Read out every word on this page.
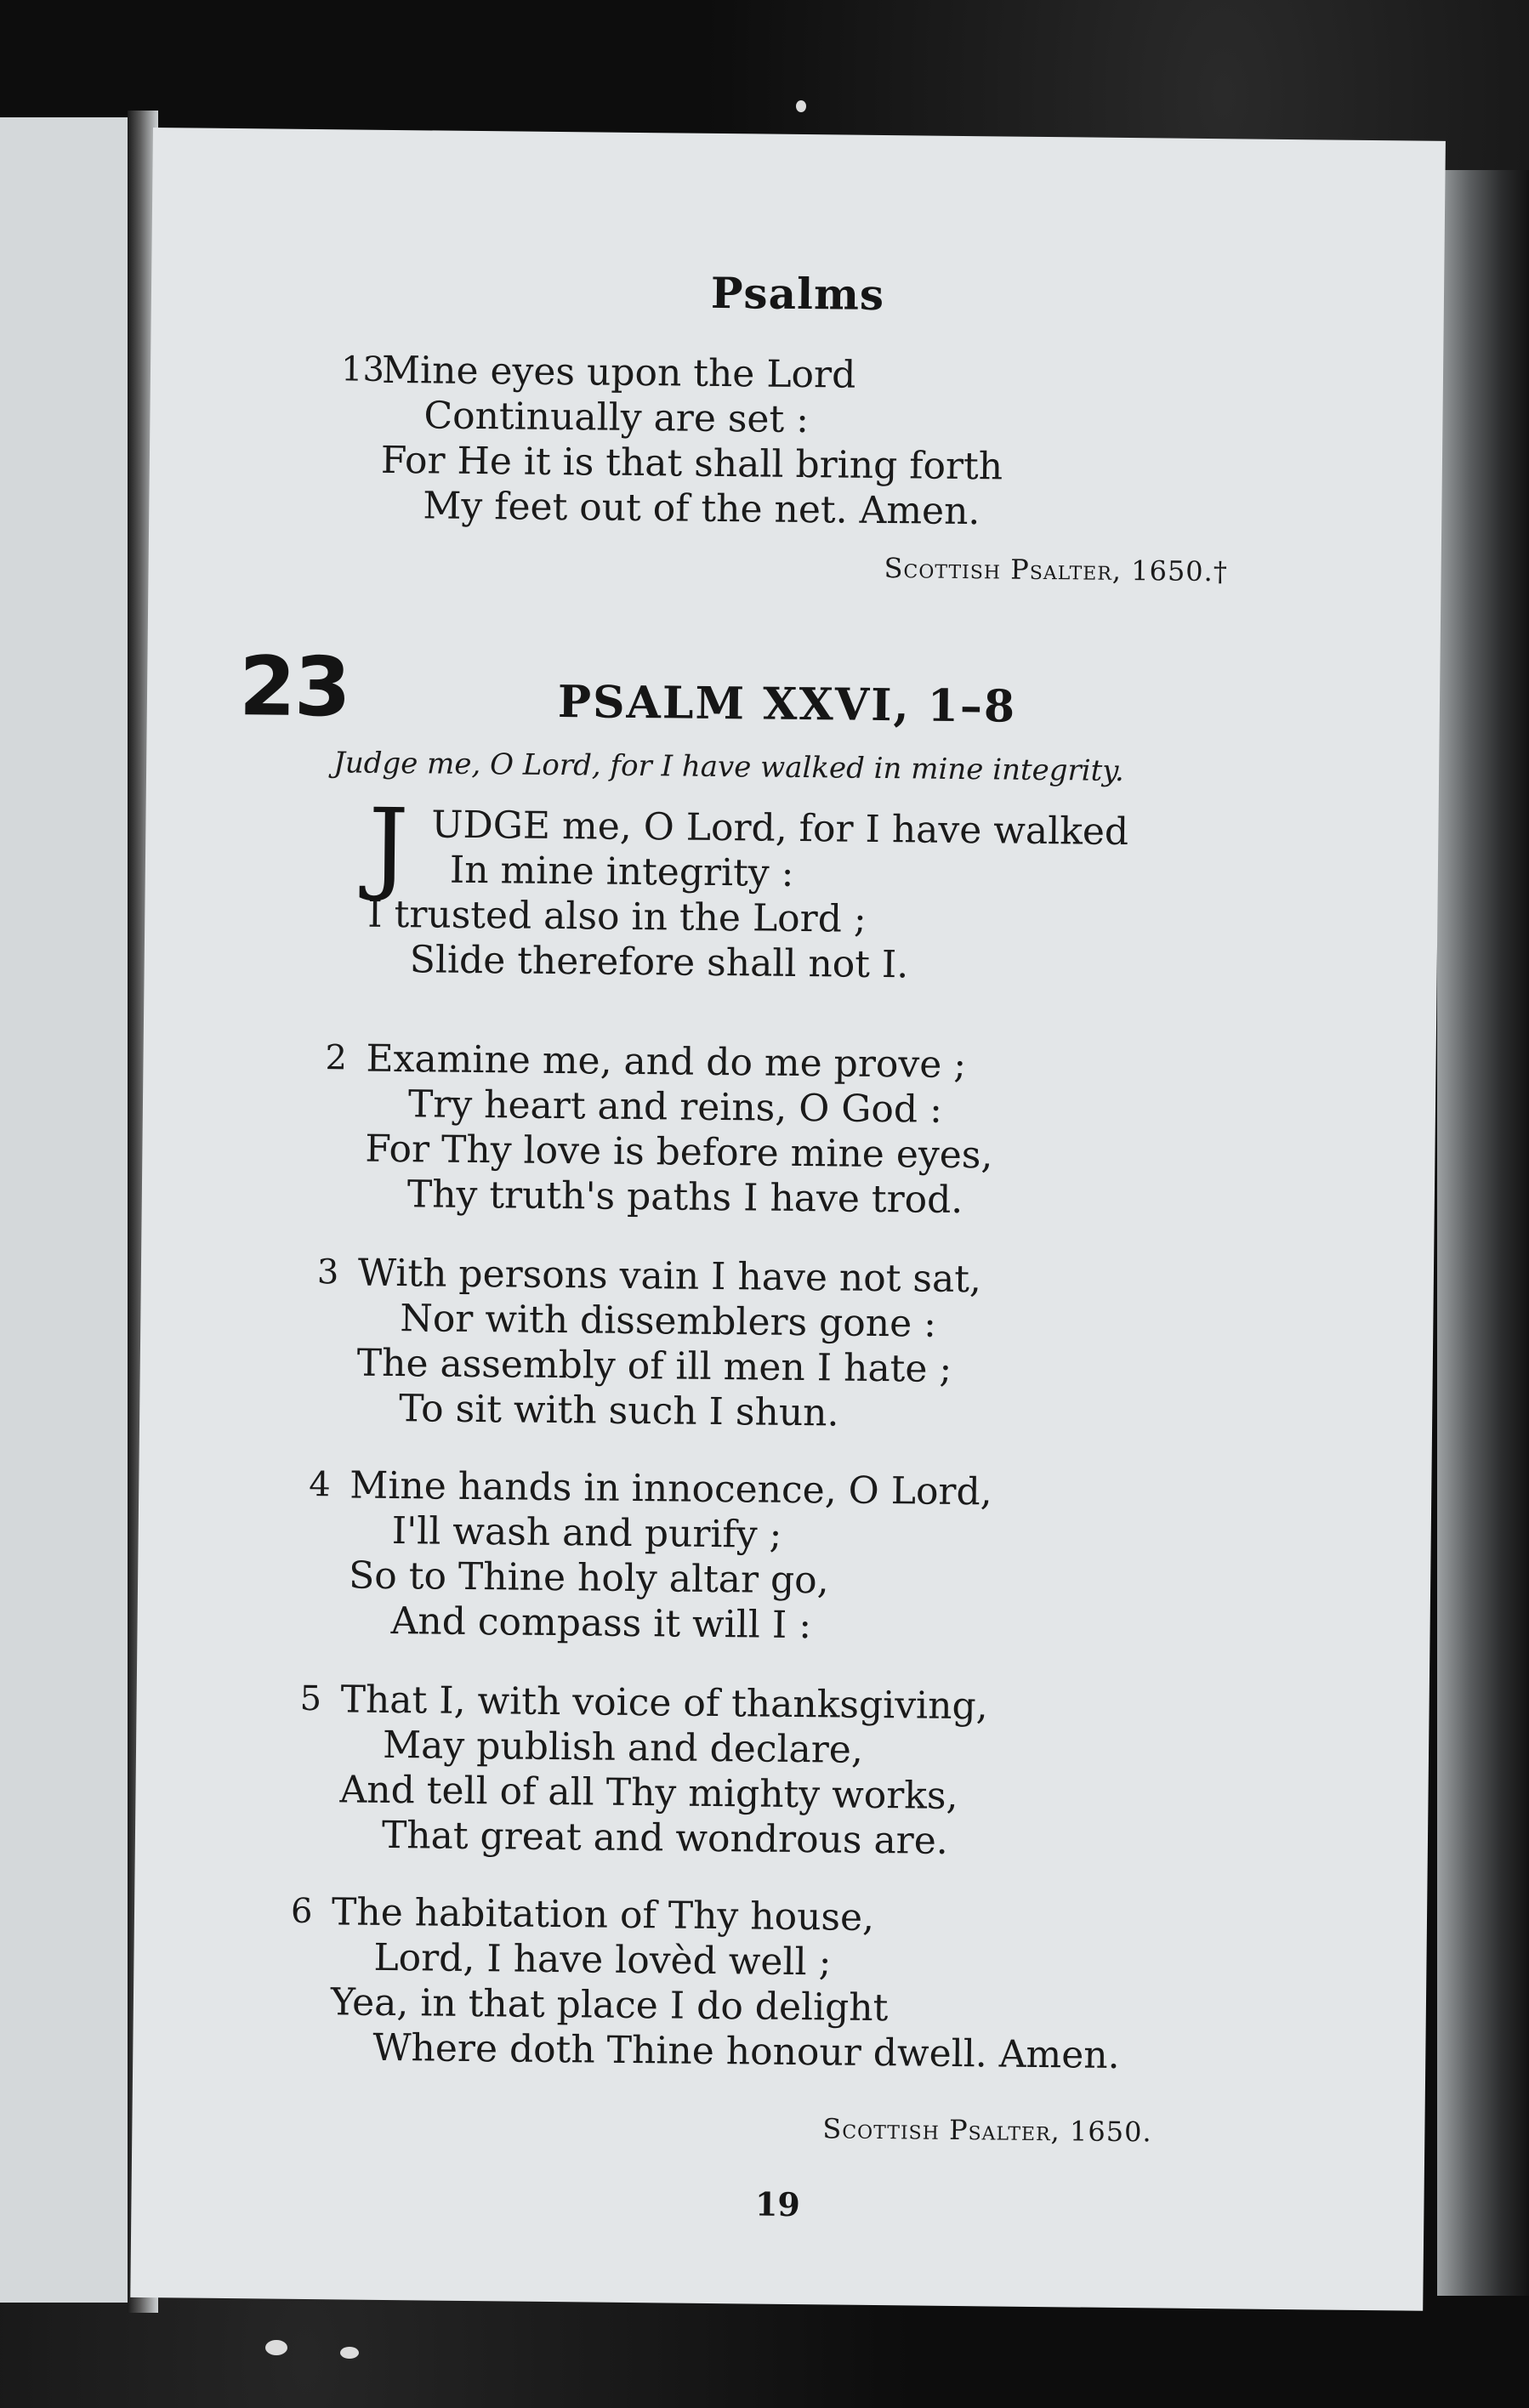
Psalms
13
Mine eyes upon the Lord
Continually are set :
For He it is that shall bring forth
My feet out of the net. Amen.
Scottish Psalter, 1650.†
23	PSALM XXVI, 1–8
Judge me, O Lord, for I have walked in mine integrity.
J UDGE me, O Lord, for I have walked
In mine integrity :
I trusted also in the Lord ;
Slide therefore shall not I.
2 Examine me, and do me prove ;
Try heart and reins, O God :
For Thy love is before mine eyes,
Thy truth's paths I have trod.
3 With persons vain I have not sat,
Nor with dissemblers gone :
The assembly of ill men I hate ;
To sit with such I shun.
4 Mine hands in innocence, O Lord,
I'll wash and purify ;
So to Thine holy altar go,
And compass it will I :
5 That I, with voice of thanksgiving,
May publish and declare,
And tell of all Thy mighty works,
That great and wondrous are.
6 The habitation of Thy house,
Lord, I have lovèd well ;
Yea, in that place I do delight
Where doth Thine honour dwell. Amen.
Scottish Psalter, 1650.
19
